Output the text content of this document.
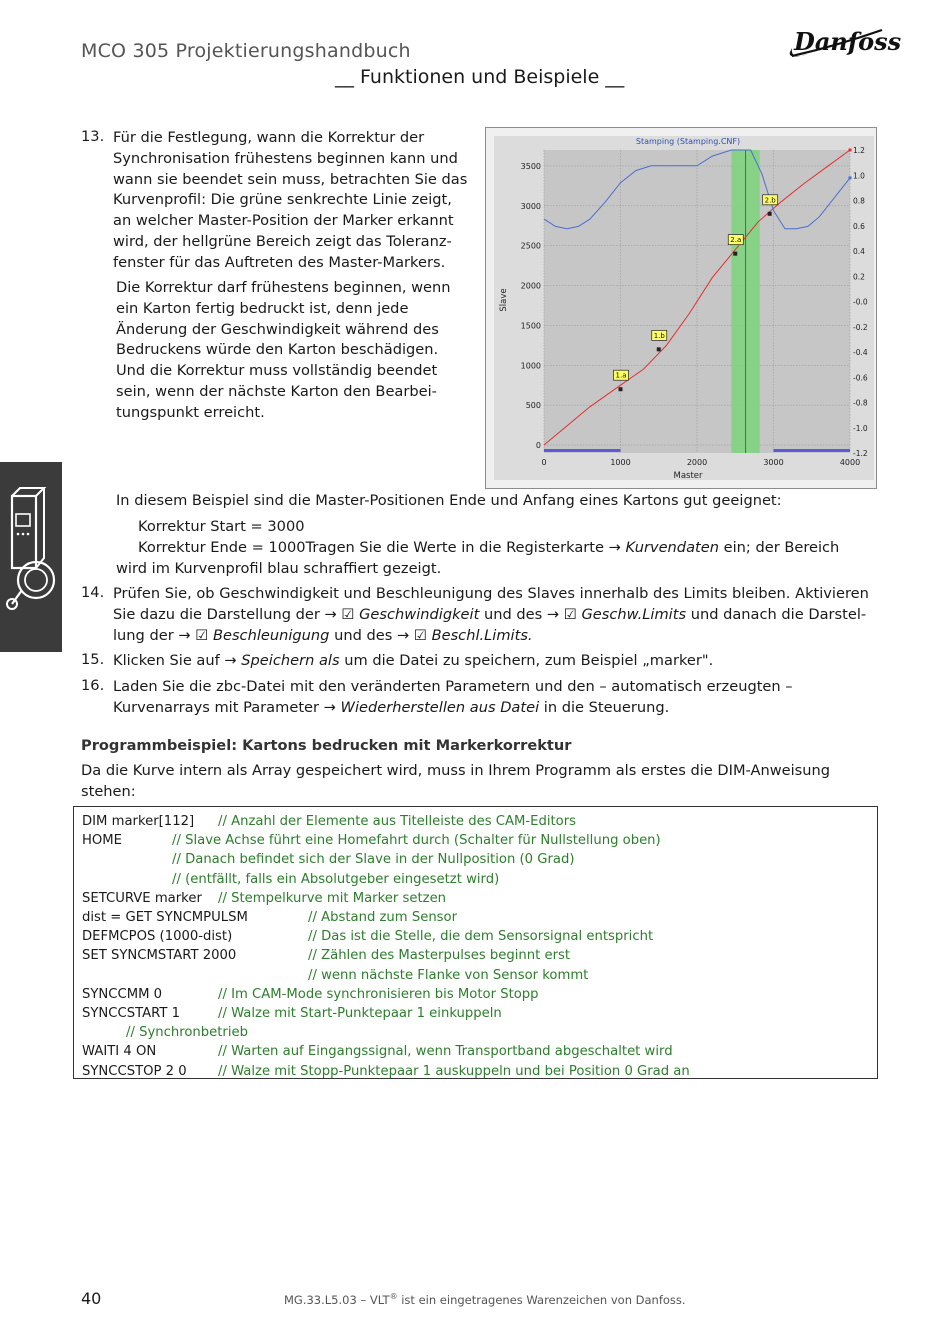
MCO 305 Projektierungshandbuch
__ Funktionen und Beispiele __
Danfoss
13. Für die Festlegung, wann die Korrektur der
Synchronisation frühestens beginnen kann und
wann sie beendet sein muss, betrachten Sie das
Kurvenprofil: Die grüne senkrechte Linie zeigt,
an welcher Master-Position der Marker erkannt
wird, der hellgrüne Bereich zeigt das Toleranz-
fenster für das Auftreten des Master-Markers.
Die Korrektur darf frühestens beginnen, wenn
ein Karton fertig bedruckt ist, denn jede
Änderung der Geschwindigkeit während des
Bedruckens würde den Karton beschädigen.
Und die Korrektur muss vollständig beendet
sein, wenn der nächste Karton den Bearbei-
tungspunkt erreicht.
Stamping (Stamping.CNF)
1.a
1.b
2.a
2.b
0	1000	2000	3000	4000
0
500
1000
1500
2000
2500
3000
3500
1.2
1.0
0.8
0.6
0.4
0.2
-0.0
-0.2
-0.4
-0.6
-0.8
-1.0
-1.2
Master
Slave
In diesem Beispiel sind die Master-Positionen Ende und Anfang eines Kartons gut geeignet:
Korrektur Start = 3000
Korrektur Ende = 1000Tragen Sie die Werte in die Registerkarte → Kurvendaten ein; der Bereich
wird im Kurvenprofil blau schraffiert gezeigt.
14. Prüfen Sie, ob Geschwindigkeit und Beschleunigung des Slaves innerhalb des Limits bleiben. Aktivieren
Sie dazu die Darstellung der → ☑ Geschwindigkeit und des → ☑ Geschw.Limits und danach die Darstel-
lung der → ☑ Beschleunigung und des → ☑ Beschl.Limits.
15. Klicken Sie auf → Speichern als um die Datei zu speichern, zum Beispiel „marker".
16. Laden Sie die zbc-Datei mit den veränderten Parametern und den – automatisch erzeugten –
Kurvenarrays mit Parameter → Wiederherstellen aus Datei in die Steuerung.
Programmbeispiel: Kartons bedrucken mit Markerkorrektur
Da die Kurve intern als Array gespeichert wird, muss in Ihrem Programm als erstes die DIM-Anweisung
stehen:
DIM marker[112] // Anzahl der Elemente aus Titelleiste des CAM-Editors
HOME	// Slave Achse führt eine Homefahrt durch (Schalter für Nullstellung oben)
// Danach befindet sich der Slave in der Nullposition (0 Grad)
// (entfällt, falls ein Absolutgeber eingesetzt wird)
SETCURVE marker // Stempelkurve mit Marker setzen
dist = GET SYNCMPULSM	// Abstand zum Sensor
DEFMCPOS (1000-dist)	// Das ist die Stelle, die dem Sensorsignal entspricht
SET SYNCMSTART 2000	// Zählen des Masterpulses beginnt erst
// wenn nächste Flanke von Sensor kommt
SYNCCMM 0	// Im CAM-Mode synchronisieren bis Motor Stopp
SYNCCSTART 1	// Walze mit Start-Punktepaar 1 einkuppeln
// Synchronbetrieb
WAITI 4 ON	// Warten auf Eingangssignal, wenn Transportband abgeschaltet wird
SYNCCSTOP 2 0 // Walze mit Stopp-Punktepaar 1 auskuppeln und bei Position 0 Grad an
40	MG.33.L5.03 – VLT® ist ein eingetragenes Warenzeichen von Danfoss.
